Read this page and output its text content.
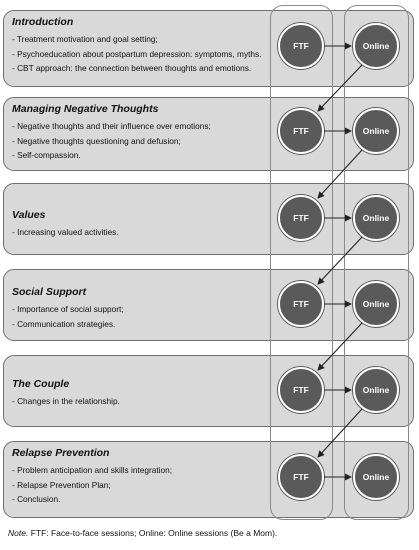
Introduction
- Treatment motivation and goal setting;
- Psychoeducation about postpartum depression: symptoms, myths.
- CBT approach: the connection between thoughts and emotions.
Managing Negative Thoughts
- Negative thoughts and their influence over emotions;
- Negative thoughts questioning and defusion;
- Self-compassion.
Values
- Increasing valued activities.
Social Support
- Importance of social support;
- Communication strategies.
The Couple
- Changes in the relationship.
Relapse Prevention
- Problem anticipation and skills integration;
- Relapse Prevention Plan;
- Conclusion.
FTF	Online
FTF	Online
FTF	Online
FTF	Online
FTF	Online
FTF	Online
Note. FTF: Face-to-face sessions; Online: Online sessions (Be a Mom).
